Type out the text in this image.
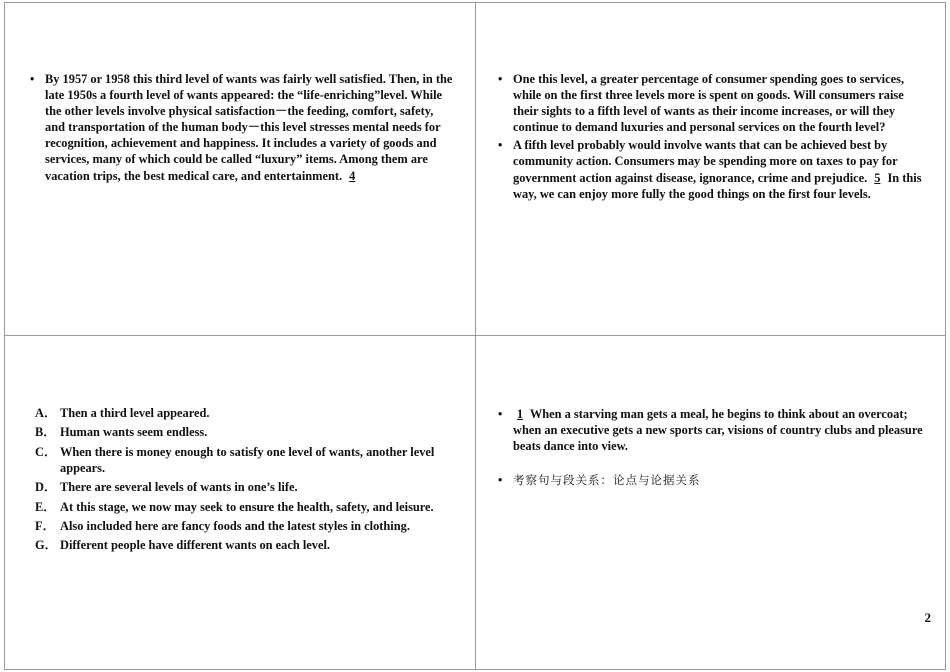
• By 1957 or 1958 this third level of wants was fairly well satisfied. Then, in the late 1950s a fourth level of wants appeared: the “life-enriching”level. While the other levels involve physical satisfaction－the feeding, comfort, safety, and transportation of the human body－this level stresses mental needs for recognition, achievement and happiness. It includes a variety of goods and services, many of which could be called “luxury” items. Among them are vacation trips, the best medical care, and entertainment. 4
• One this level, a greater percentage of consumer spending goes to services, while on the first three levels more is spent on goods. Will consumers raise their sights to a fifth level of wants as their income increases, or will they continue to demand luxuries and personal services on the fourth level?
• A fifth level probably would involve wants that can be achieved best by community action. Consumers may be spending more on taxes to pay for government action against disease, ignorance, crime and prejudice. 5 In this way, we can enjoy more fully the good things on the first four levels.
A． Then a third level appeared.
B． Human wants seem endless.
C． When there is money enough to satisfy one level of wants, another level appears.
D． There are several levels of wants in one’s life.
E． At this stage, we now may seek to ensure the health, safety, and leisure.
F． Also included here are fancy foods and the latest styles in clothing.
G． Different people have different wants on each level.
• 1 When a starving man gets a meal, he begins to think about an overcoat; when an executive gets a new sports car, visions of country clubs and pleasure beats dance into view.
• 考察句与段关系：论点与论据关系
2
